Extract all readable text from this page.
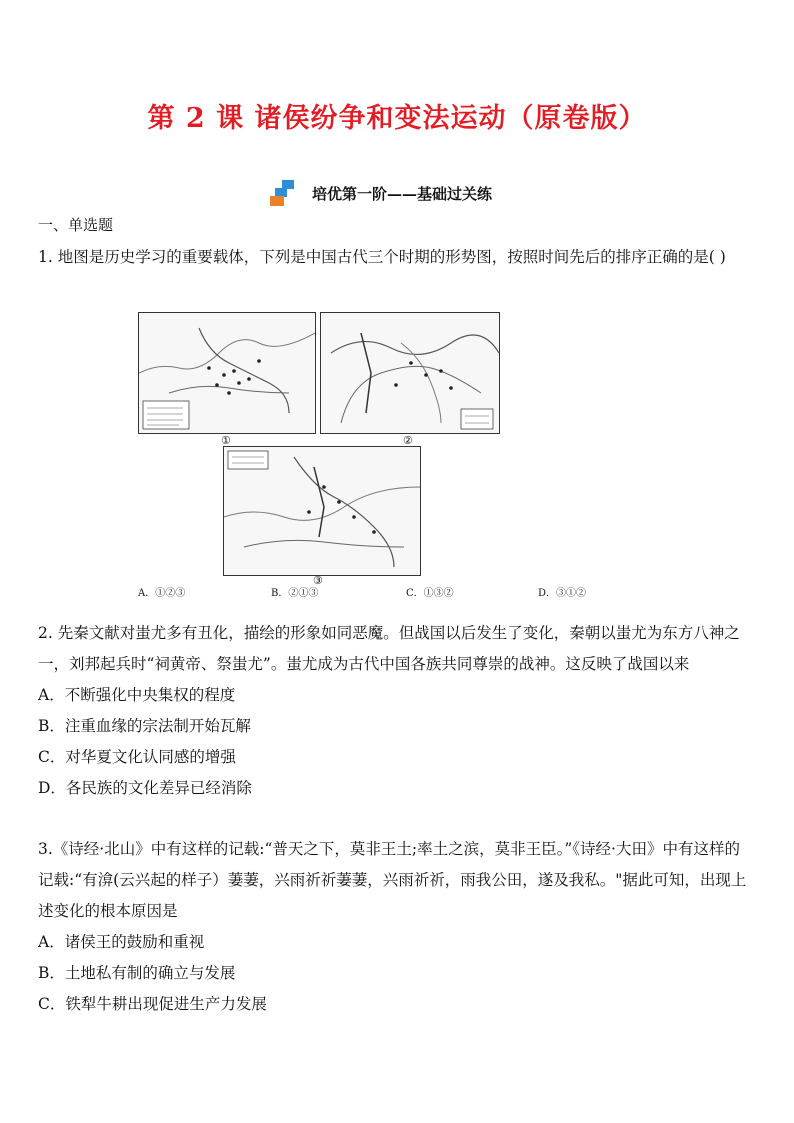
第 2 课 诸侯纷争和变法运动（原卷版）
培优第一阶——基础过关练
一、单选题
1. 地图是历史学习的重要载体，下列是中国古代三个时期的形势图，按照时间先后的排序正确的是( )
①	②
③
A．①②③	B．②①③	C．①③②	D．③①②
2. 先秦文献对蚩尤多有丑化，描绘的形象如同恶魔。但战国以后发生了变化，秦朝以蚩尤为东方八神之一，刘邦起兵时“祠黄帝、祭蚩尤”。蚩尤成为古代中国各族共同尊崇的战神。这反映了战国以来
A．不断强化中央集权的程度
B．注重血缘的宗法制开始瓦解
C．对华夏文化认同感的增强
D．各民族的文化差异已经消除
3.《诗经·北山》中有这样的记载:“普天之下，莫非王土;率土之滨，莫非王臣。”《诗经·大田》中有这样的记载:“有渰(云兴起的样子）萋萋，兴雨祈祈萋萋，兴雨祈祈，雨我公田，遂及我私。"据此可知，出现上述变化的根本原因是
A．诸侯王的鼓励和重视
B．土地私有制的确立与发展
C．铁犁牛耕出现促进生产力发展
